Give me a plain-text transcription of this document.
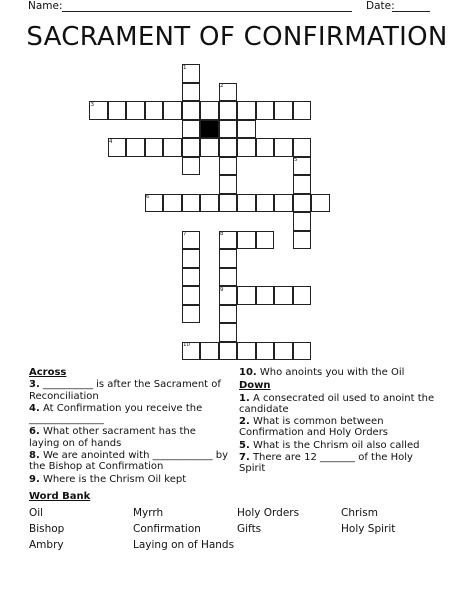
Name:	Date:
SACRAMENT OF CONFIRMATION
1
2
3
4
5
6
7	8
9
10
Across
3. __________ is after the Sacrament of Reconciliation
4. At Confirmation you receive the _______________
6. What other sacrament has the laying on of hands
8. We are anointed with ____________ by the Bishop at Confirmation
9. Where is the Chrism Oil kept
10. Who anoints you with the Oil
Down
1. A consecrated oil used to anoint the candidate
2. What is common between Confirmation and Holy Orders
5. What is the Chrism oil also called
7. There are 12 _______ of the Holy Spirit
Word Bank
Oil	Myrrh	Holy Orders	Chrism
Bishop	Confirmation	Gifts	Holy Spirit
Ambry	Laying on of Hands
